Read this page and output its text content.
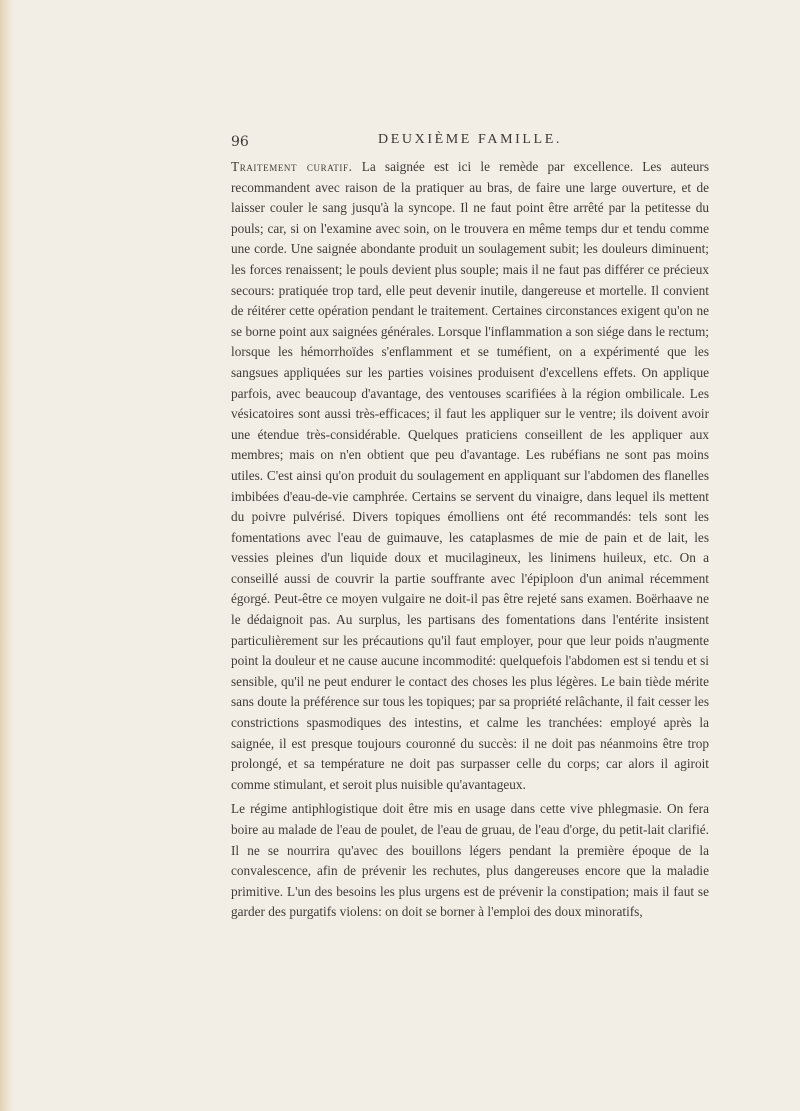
96	DEUXIÈME FAMILLE.

Traitement curatif. La saignée est ici le remède par excellence. Les auteurs recommandent avec raison de la pratiquer au bras, de faire une large ouverture, et de laisser couler le sang jusqu'à la syncope. Il ne faut point être arrêté par la petitesse du pouls; car, si on l'examine avec soin, on le trouvera en même temps dur et tendu comme une corde. Une saignée abondante produit un soulagement subit; les douleurs diminuent; les forces renaissent; le pouls devient plus souple; mais il ne faut pas différer ce précieux secours: pratiquée trop tard, elle peut devenir inutile, dangereuse et mortelle. Il convient de réitérer cette opération pendant le traitement. Certaines circonstances exigent qu'on ne se borne point aux saignées générales. Lorsque l'inflammation a son siége dans le rectum; lorsque les hémorrhoïdes s'enflamment et se tuméfient, on a expérimenté que les sangsues appliquées sur les parties voisines produisent d'excellens effets. On applique parfois, avec beaucoup d'avantage, des ventouses scarifiées à la région ombilicale. Les vésicatoires sont aussi très-efficaces; il faut les appliquer sur le ventre; ils doivent avoir une étendue très-considérable. Quelques praticiens conseillent de les appliquer aux membres; mais on n'en obtient que peu d'avantage. Les rubéfians ne sont pas moins utiles. C'est ainsi qu'on produit du soulagement en appliquant sur l'abdomen des flanelles imbibées d'eau-de-vie camphrée. Certains se servent du vinaigre, dans lequel ils mettent du poivre pulvérisé. Divers topiques émolliens ont été recommandés: tels sont les fomentations avec l'eau de guimauve, les cataplasmes de mie de pain et de lait, les vessies pleines d'un liquide doux et mucilagineux, les linimens huileux, etc. On a conseillé aussi de couvrir la partie souffrante avec l'épiploon d'un animal récemment égorgé. Peut-être ce moyen vulgaire ne doit-il pas être rejeté sans examen. Boërhaave ne le dédaignoit pas. Au surplus, les partisans des fomentations dans l'entérite insistent particulièrement sur les précautions qu'il faut employer, pour que leur poids n'augmente point la douleur et ne cause aucune incommodité: quelquefois l'abdomen est si tendu et si sensible, qu'il ne peut endurer le contact des choses les plus légères. Le bain tiède mérite sans doute la préférence sur tous les topiques; par sa propriété relâchante, il fait cesser les constrictions spasmodiques des intestins, et calme les tranchées: employé après la saignée, il est presque toujours couronné du succès: il ne doit pas néanmoins être trop prolongé, et sa température ne doit pas surpasser celle du corps; car alors il agiroit comme stimulant, et seroit plus nuisible qu'avantageux.

Le régime antiphlogistique doit être mis en usage dans cette vive phlegmasie. On fera boire au malade de l'eau de poulet, de l'eau de gruau, de l'eau d'orge, du petit-lait clarifié. Il ne se nourrira qu'avec des bouillons légers pendant la première époque de la convalescence, afin de prévenir les rechutes, plus dangereuses encore que la maladie primitive. L'un des besoins les plus urgens est de prévenir la constipation; mais il faut se garder des purgatifs violens: on doit se borner à l'emploi des doux minoratifs,
